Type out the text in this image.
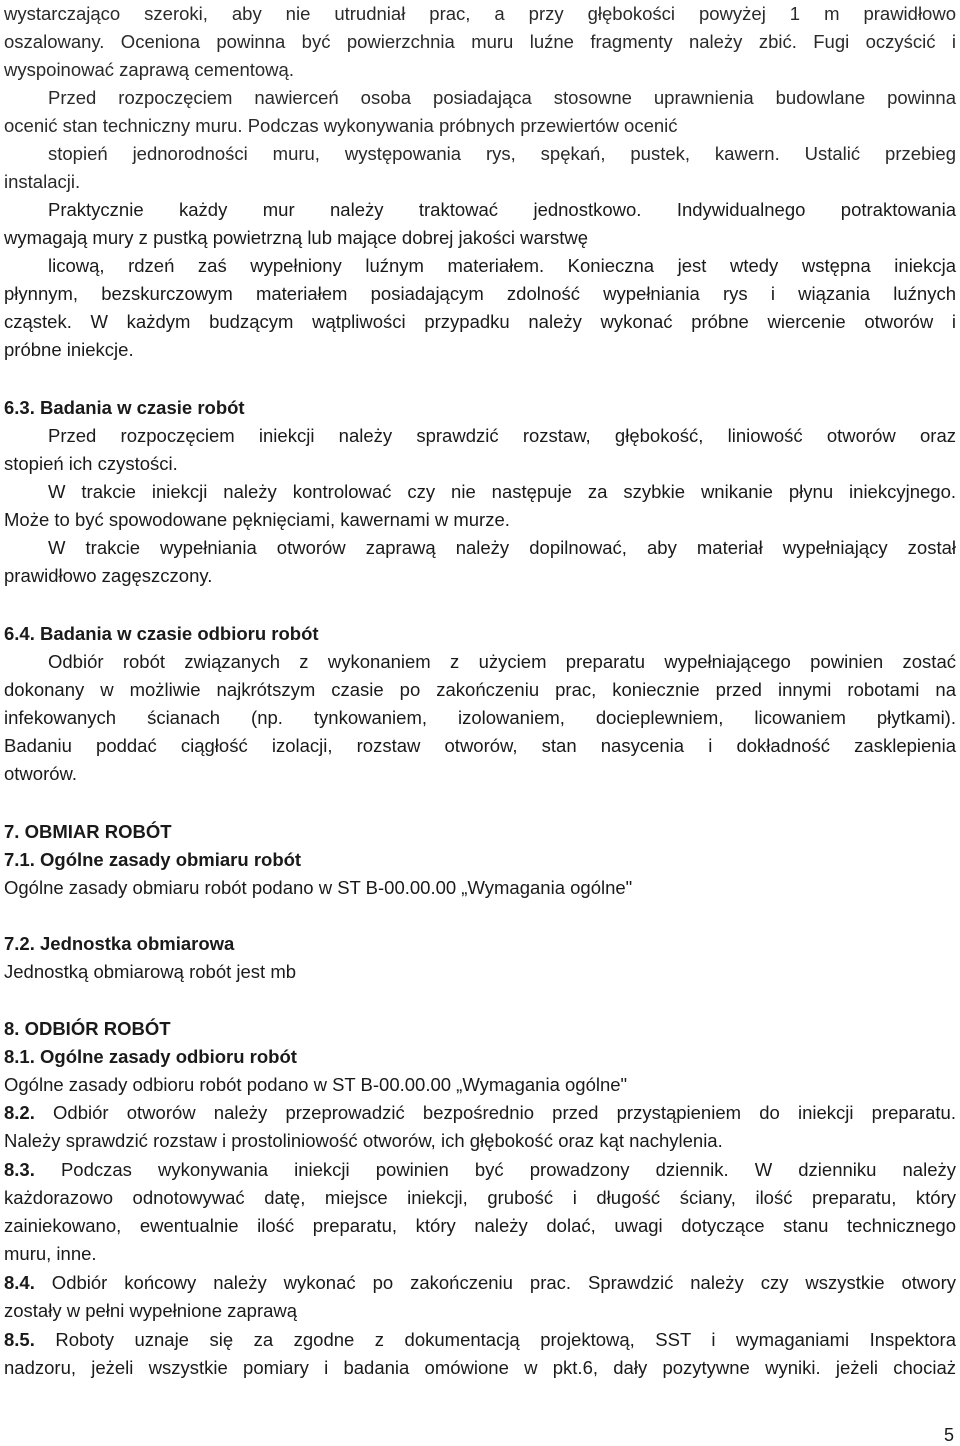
wystarczająco szeroki, aby nie utrudniał prac, a przy głębokości powyżej 1 m prawidłowo
oszalowany. Oceniona powinna być powierzchnia muru luźne fragmenty należy zbić. Fugi oczyścić i
wyspoinować zaprawą cementową.
Przed rozpoczęciem nawierceń osoba posiadająca stosowne uprawnienia budowlane powinna
ocenić stan techniczny muru. Podczas wykonywania próbnych przewiertów ocenić
stopień jednorodności muru, występowania rys, spękań, pustek, kawern. Ustalić przebieg
instalacji.
Praktycznie każdy mur należy traktować jednostkowo. Indywidualnego potraktowania
wymagają mury z pustką powietrzną lub mające dobrej jakości warstwę
licową, rdzeń zaś wypełniony luźnym materiałem. Konieczna jest wtedy wstępna iniekcja
płynnym, bezskurczowym materiałem posiadającym zdolność wypełniania rys i wiązania luźnych
cząstek. W każdym budzącym wątpliwości przypadku należy wykonać próbne wiercenie otworów i
próbne iniekcje.
6.3. Badania w czasie robót
Przed rozpoczęciem iniekcji należy sprawdzić rozstaw, głębokość, liniowość otworów oraz
stopień ich czystości.
W trakcie iniekcji należy kontrolować czy nie następuje za szybkie wnikanie płynu iniekcyjnego.
Może to być spowodowane pęknięciami, kawernami w murze.
W trakcie wypełniania otworów zaprawą należy dopilnować, aby materiał wypełniający został
prawidłowo zagęszczony.
6.4. Badania w czasie odbioru robót
Odbiór robót związanych z wykonaniem z użyciem preparatu wypełniającego powinien zostać
dokonany w możliwie najkrótszym czasie po zakończeniu prac, koniecznie przed innymi robotami na
infekowanych ścianach (np. tynkowaniem, izolowaniem, docieplewniem, licowaniem płytkami).
Badaniu poddać ciągłość izolacji, rozstaw otworów, stan nasycenia i dokładność zasklepienia
otworów.
7. OBMIAR ROBÓT
7.1. Ogólne zasady obmiaru robót
Ogólne zasady obmiaru robót podano w ST B-00.00.00 „Wymagania ogólne"
7.2. Jednostka obmiarowa
Jednostką obmiarową robót jest mb
8. ODBIÓR ROBÓT
8.1. Ogólne zasady odbioru robót
Ogólne zasady odbioru robót podano w ST B-00.00.00 „Wymagania ogólne"
8.2. Odbiór otworów należy przeprowadzić bezpośrednio przed przystąpieniem do iniekcji preparatu.
Należy sprawdzić rozstaw i prostoliniowość otworów, ich głębokość oraz kąt nachylenia.
8.3. Podczas wykonywania iniekcji powinien być prowadzony dziennik. W dzienniku należy
każdorazowo odnotowywać datę, miejsce iniekcji, grubość i długość ściany, ilość preparatu, który
zainiekowano, ewentualnie ilość preparatu, który należy dolać, uwagi dotyczące stanu technicznego
muru, inne.
8.4. Odbiór końcowy należy wykonać po zakończeniu prac. Sprawdzić należy czy wszystkie otwory
zostały w pełni wypełnione zaprawą
8.5. Roboty uznaje się za zgodne z dokumentacją projektową, SST i wymaganiami Inspektora
nadzoru, jeżeli wszystkie pomiary i badania omówione w pkt.6, dały pozytywne wyniki. jeżeli chociaż
5
